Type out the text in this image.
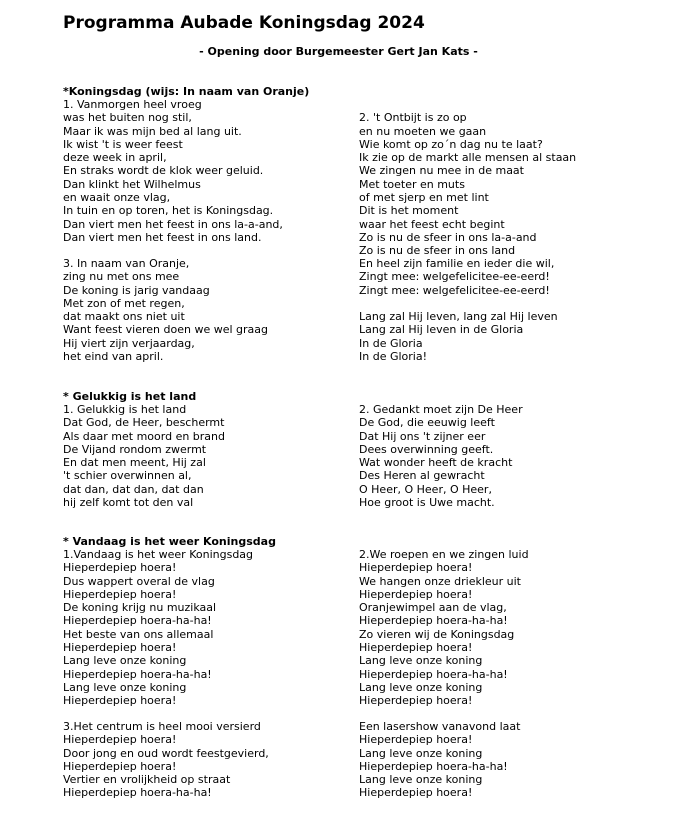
Programma Aubade Koningsdag 2024
- Opening door Burgemeester Gert Jan Kats -
*Koningsdag (wijs: In naam van Oranje)
1. Vanmorgen heel vroeg
was het buiten nog stil,
Maar ik was mijn bed al lang uit.
Ik wist 't is weer feest
deze week in april,
En straks wordt de klok weer geluid.
Dan klinkt het Wilhelmus
en waait onze vlag,
In tuin en op toren, het is Koningsdag.
Dan viert men het feest in ons la-a-and,
Dan viert men het feest in ons land.
2. 't Ontbijt is zo op
en nu moeten we gaan
Wie komt op zo´n dag nu te laat?
Ik zie op de markt alle mensen al staan
We zingen nu mee in de maat
Met toeter en muts
of met sjerp en met lint
Dit is het moment
waar het feest echt begint
Zo is nu de sfeer in ons la-a-and
Zo is nu de sfeer in ons land
3. In naam van Oranje,
zing nu met ons mee
De koning is jarig vandaag
Met zon of met regen,
dat maakt ons niet uit
Want feest vieren doen we wel graag
Hij viert zijn verjaardag,
het eind van april.
En heel zijn familie en ieder die wil,
Zingt mee: welgefelicitee-ee-eerd!
Zingt mee: welgefelicitee-ee-eerd!
Lang zal Hij leven, lang zal Hij leven
Lang zal Hij leven in de Gloria
In de Gloria
In de Gloria!
* Gelukkig is het land
1. Gelukkig is het land
Dat God, de Heer, beschermt
Als daar met moord en brand
De Vijand rondom zwermt
En dat men meent, Hij zal
't schier overwinnen al,
dat dan, dat dan, dat dan
hij zelf komt tot den val
2. Gedankt moet zijn De Heer
De God, die eeuwig leeft
Dat Hij ons 't zijner eer
Dees overwinning geeft.
Wat wonder heeft de kracht
Des Heren al gewracht
O Heer, O Heer, O Heer,
Hoe groot is Uwe macht.
* Vandaag is het weer Koningsdag
1.Vandaag is het weer Koningsdag
Hieperdepiep hoera!
Dus wappert overal de vlag
Hieperdepiep hoera!
De koning krijg nu muzikaal
Hieperdepiep hoera-ha-ha!
Het beste van ons allemaal
Hieperdepiep hoera!
Lang leve onze koning
Hieperdepiep hoera-ha-ha!
Lang leve onze koning
Hieperdepiep hoera!
2.We roepen en we zingen luid
Hieperdepiep hoera!
We hangen onze driekleur uit
Hieperdepiep hoera!
Oranjewimpel aan de vlag,
Hieperdepiep hoera-ha-ha!
Zo vieren wij de Koningsdag
Hieperdepiep hoera!
Lang leve onze koning
Hieperdepiep hoera-ha-ha!
Lang leve onze koning
Hieperdepiep hoera!
3.Het centrum is heel mooi versierd
Hieperdepiep hoera!
Door jong en oud wordt feestgevierd,
Hieperdepiep hoera!
Vertier en vrolijkheid op straat
Hieperdepiep hoera-ha-ha!
Een lasershow vanavond laat
Hieperdepiep hoera!
Lang leve onze koning
Hieperdepiep hoera-ha-ha!
Lang leve onze koning
Hieperdepiep hoera!
